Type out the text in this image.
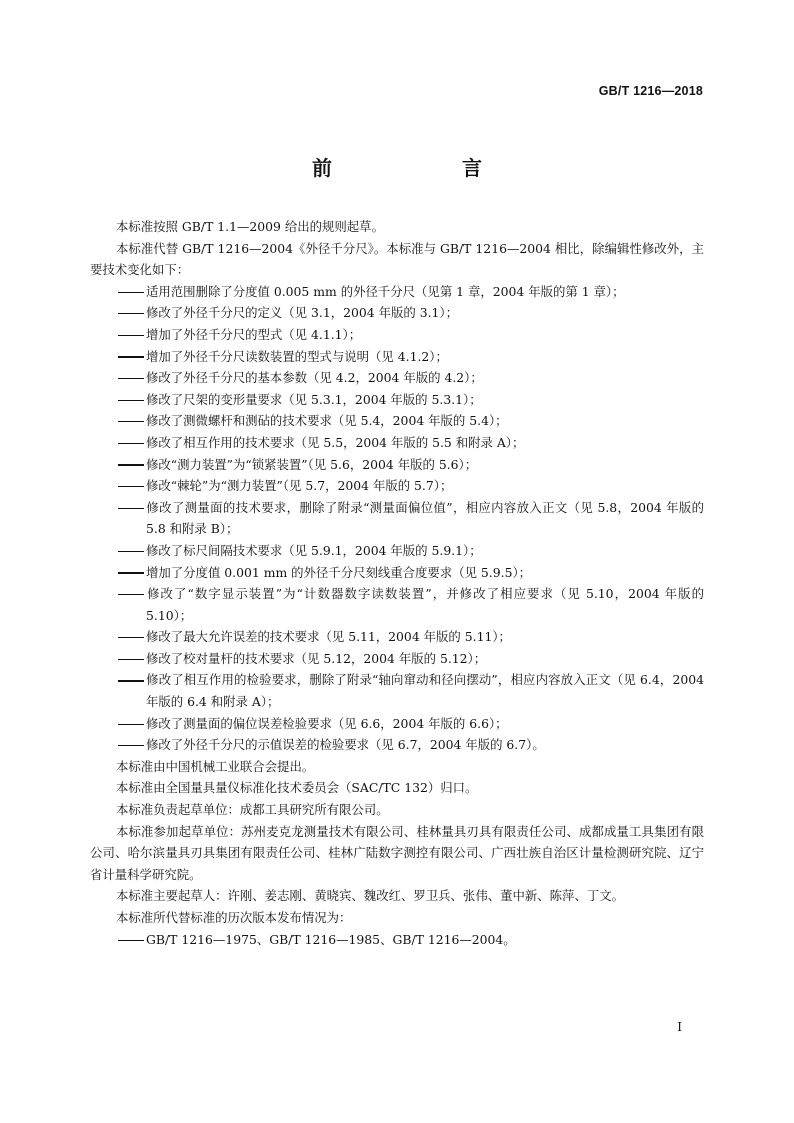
GB/T 1216—2018
前　　言

本标准按照 GB/T 1.1—2009 给出的规则起草。

本标准代替 GB/T 1216—2004《外径千分尺》。本标准与 GB/T 1216—2004 相比，除编辑性修改外，主要技术变化如下：

适用范围删除了分度值 0.005 mm 的外径千分尺（见第 1 章，2004 年版的第 1 章）；

修改了外径千分尺的定义（见 3.1，2004 年版的 3.1）；

增加了外径千分尺的型式（见 4.1.1）；

增加了外径千分尺读数装置的型式与说明（见 4.1.2）；

修改了外径千分尺的基本参数（见 4.2，2004 年版的 4.2）；

修改了尺架的变形量要求（见 5.3.1，2004 年版的 5.3.1）；

修改了测微螺杆和测砧的技术要求（见 5.4，2004 年版的 5.4）；

修改了相互作用的技术要求（见 5.5，2004 年版的 5.5 和附录 A）；

修改“测力装置”为“锁紧装置”（见 5.6，2004 年版的 5.6）；

修改“棘轮”为“测力装置”（见 5.7，2004 年版的 5.7）；

修改了测量面的技术要求，删除了附录“测量面偏位值”，相应内容放入正文（见 5.8，2004 年版的 5.8 和附录 B）；

修改了标尺间隔技术要求（见 5.9.1，2004 年版的 5.9.1）；

增加了分度值 0.001 mm 的外径千分尺刻线重合度要求（见 5.9.5）；

修改了“数字显示装置”为“计数器数字读数装置”，并修改了相应要求（见 5.10，2004 年版的 5.10）；

修改了最大允许误差的技术要求（见 5.11，2004 年版的 5.11）；

修改了校对量杆的技术要求（见 5.12，2004 年版的 5.12）；

修改了相互作用的检验要求，删除了附录“轴向窜动和径向摆动”，相应内容放入正文（见 6.4，2004 年版的 6.4 和附录 A）；

修改了测量面的偏位误差检验要求（见 6.6，2004 年版的 6.6）；

修改了外径千分尺的示值误差的检验要求（见 6.7，2004 年版的 6.7）。

本标准由中国机械工业联合会提出。

本标准由全国量具量仪标准化技术委员会（SAC/TC 132）归口。

本标准负责起草单位：成都工具研究所有限公司。

本标准参加起草单位：苏州麦克龙测量技术有限公司、桂林量具刃具有限责任公司、成都成量工具集团有限公司、哈尔滨量具刃具集团有限责任公司、桂林广陆数字测控有限公司、广西壮族自治区计量检测研究院、辽宁省计量科学研究院。

本标准主要起草人：许刚、姜志刚、黄晓宾、魏改红、罗卫兵、张伟、董中新、陈萍、丁文。

本标准所代替标准的历次版本发布情况为：

GB/T 1216—1975、GB/T 1216—1985、GB/T 1216—2004。

I
